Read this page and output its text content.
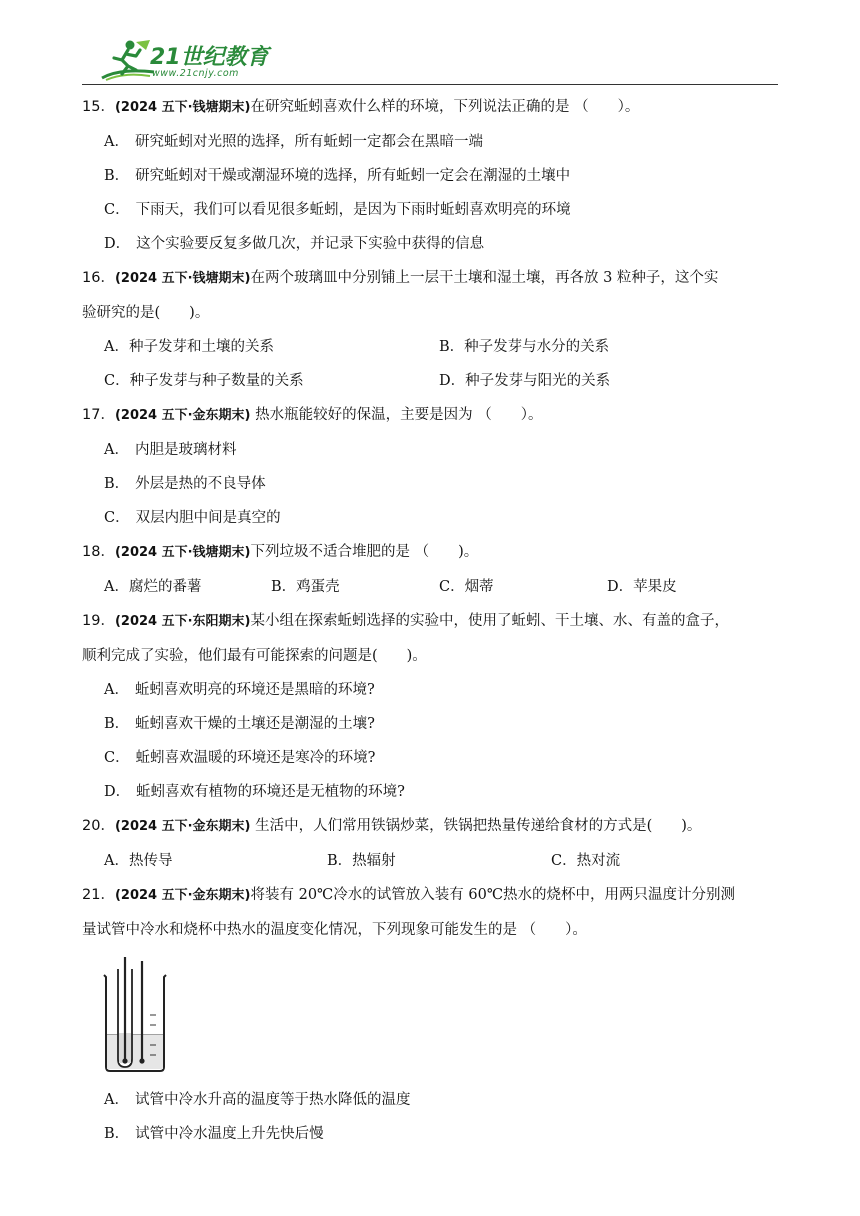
21世纪教育
www.21cnjy.com
15．(2024 五下·钱塘期末)在研究蚯蚓喜欢什么样的环境，下列说法正确的是 （　　）。
A． 研究蚯蚓对光照的选择，所有蚯蚓一定都会在黑暗一端
B． 研究蚯蚓对干燥或潮湿环境的选择，所有蚯蚓一定会在潮湿的土壤中
C． 下雨天，我们可以看见很多蚯蚓，是因为下雨时蚯蚓喜欢明亮的环境
D． 这个实验要反复多做几次，并记录下实验中获得的信息
16．(2024 五下·钱塘期末)在两个玻璃皿中分别铺上一层干土壤和湿土壤，再各放 3 粒种子，这个实
验研究的是(　　)。
A．种子发芽和土壤的关系	B．种子发芽与水分的关系
C．种子发芽与种子数量的关系	D．种子发芽与阳光的关系
17．(2024 五下·金东期末) 热水瓶能较好的保温，主要是因为 （　　）。
A． 内胆是玻璃材料
B． 外层是热的不良导体
C． 双层内胆中间是真空的
18．(2024 五下·钱塘期末)下列垃圾不适合堆肥的是 （　　)。
A．腐烂的番薯	B．鸡蛋壳	C．烟蒂	D．苹果皮
19．(2024 五下·东阳期末)某小组在探索蚯蚓选择的实验中，使用了蚯蚓、干土壤、水、有盖的盒子，
顺利完成了实验，他们最有可能探索的问题是(　　)。
A． 蚯蚓喜欢明亮的环境还是黑暗的环境?
B． 蚯蚓喜欢干燥的土壤还是潮湿的土壤?
C． 蚯蚓喜欢温暖的环境还是寒冷的环境?
D． 蚯蚓喜欢有植物的环境还是无植物的环境?
20．(2024 五下·金东期末) 生活中，人们常用铁锅炒菜，铁锅把热量传递给食材的方式是(　　)。
A．热传导	B．热辐射	C．热对流
21．(2024 五下·金东期末)将装有 20℃冷水的试管放入装有 60℃热水的烧杯中，用两只温度计分别测
量试管中冷水和烧杯中热水的温度变化情况，下列现象可能发生的是 （　　）。
A． 试管中冷水升高的温度等于热水降低的温度
B． 试管中冷水温度上升先快后慢
